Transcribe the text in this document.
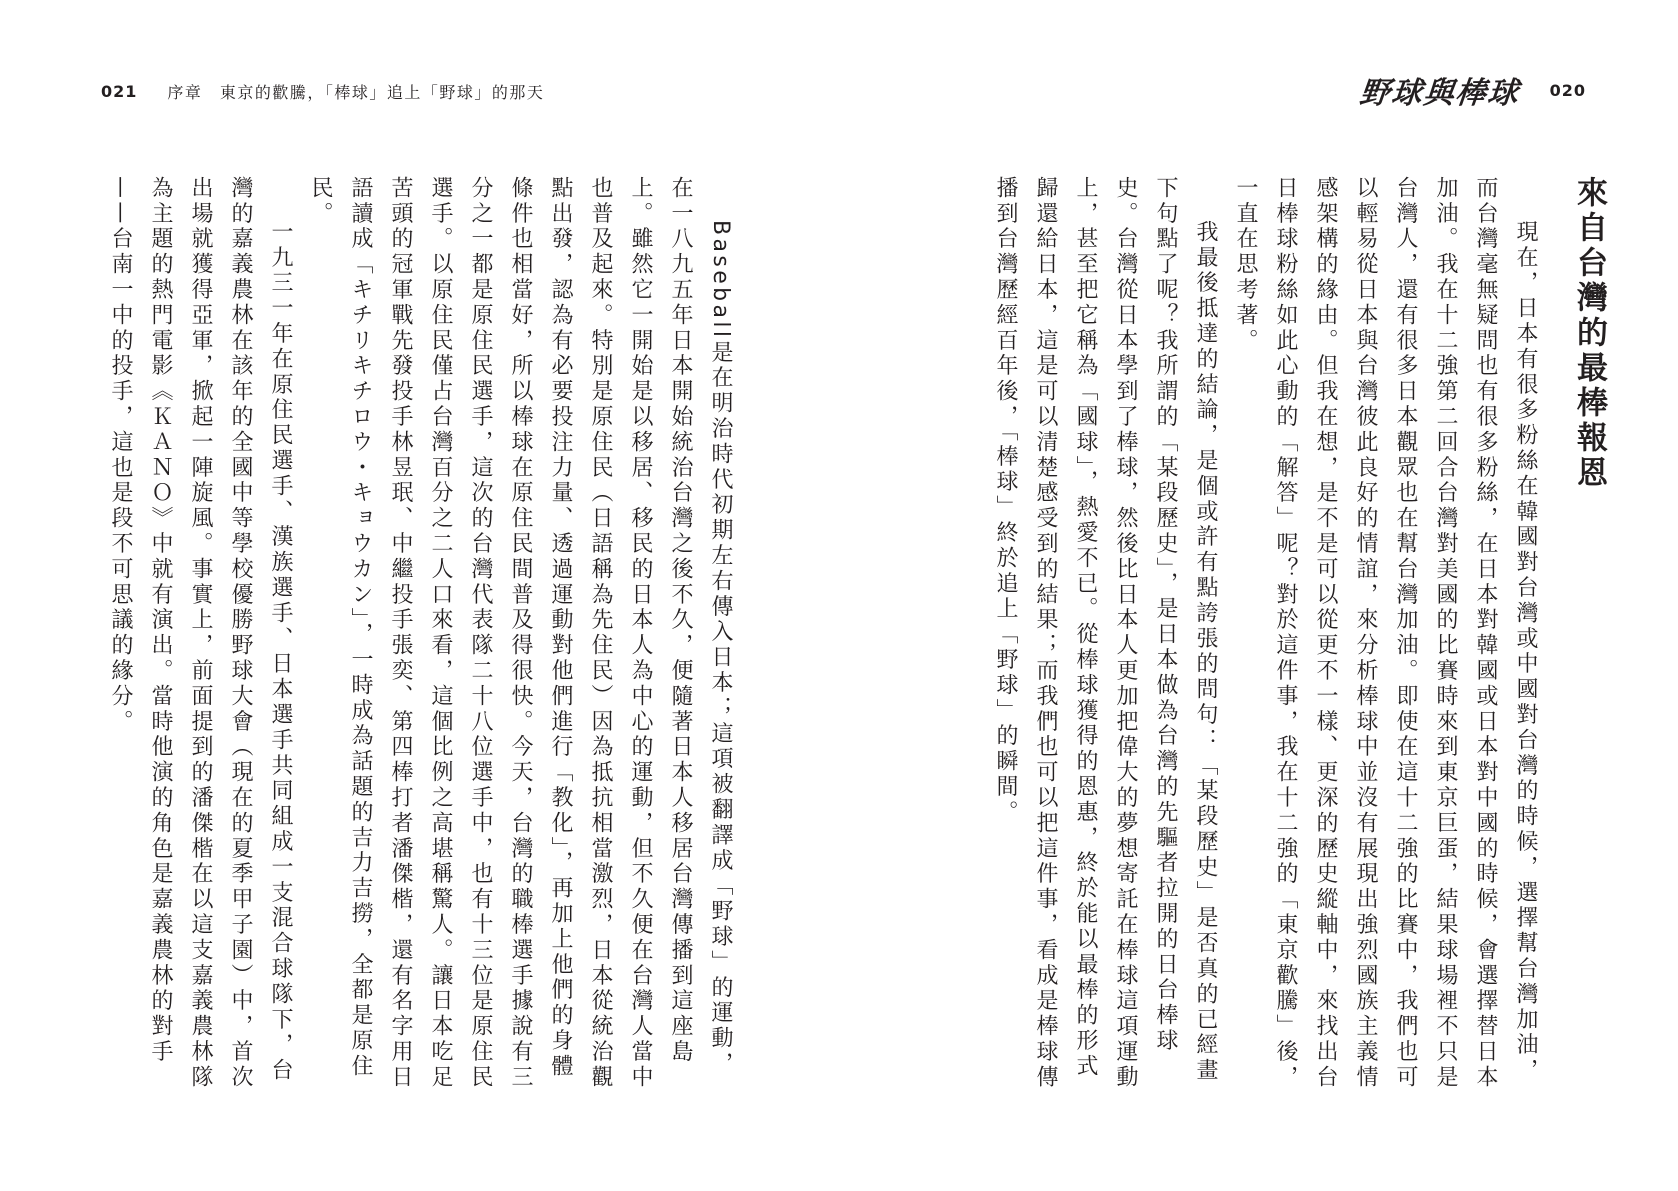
021 序章　東京的歡騰，「棒球」追上「野球」的那天	野球與棒球 020
來自台灣的最棒報恩

現在，日本有很多粉絲在韓國對台灣或中國對台灣的時候，選擇幫台灣加油，而台灣毫無疑問也有很多粉絲，在日本對韓國或日本對中國的時候，會選擇替日本加油。我在十二強第二回合台灣對美國的比賽時來到東京巨蛋，結果球場裡不只是台灣人，還有很多日本觀眾也在幫台灣加油。即使在這十二強的比賽中，我們也可以輕易從日本與台灣彼此良好的情誼，來分析棒球中並沒有展現出強烈國族主義情感架構的緣由。但我在想，是不是可以從更不一樣、更深的歷史縱軸中，來找出台日棒球粉絲如此心動的「解答」呢？對於這件事，我在十二強的「東京歡騰」後，一直在思考著。

我最後抵達的結論，是個或許有點誇張的問句：「某段歷史」是否真的已經畫下句點了呢？我所謂的「某段歷史」，是日本做為台灣的先驅者拉開的日台棒球史。台灣從日本學到了棒球，然後比日本人更加把偉大的夢想寄託在棒球這項運動上，甚至把它稱為「國球」，熱愛不已。從棒球獲得的恩惠，終於能以最棒的形式歸還給日本，這是可以清楚感受到的結果；而我們也可以把這件事，看成是棒球傳播到台灣歷經百年後，「棒球」終於追上「野球」的瞬間。

Baseball是在明治時代初期左右傳入日本；這項被翻譯成「野球」的運動，在一八九五年日本開始統治台灣之後不久，便隨著日本人移居台灣傳播到這座島上。雖然它一開始是以移居、移民的日本人為中心的運動，但不久便在台灣人當中也普及起來。特別是原住民（日語稱為先住民）因為抵抗相當激烈，日本從統治觀點出發，認為有必要投注力量、透過運動對他們進行「教化」，再加上他們的身體條件也相當好，所以棒球在原住民間普及得很快。今天，台灣的職棒選手據說有三分之一都是原住民選手，這次的台灣代表隊二十八位選手中，也有十三位是原住民選手。以原住民僅占台灣百分之二人口來看，這個比例之高堪稱驚人。讓日本吃足苦頭的冠軍戰先發投手林昱珉、中繼投手張奕、第四棒打者潘傑楷，還有名字用日語讀成「キチリキチロウ・キョウカン」，一時成為話題的吉力吉撈，全都是原住民。

一九三一年在原住民選手、漢族選手、日本選手共同組成一支混合球隊下，台灣的嘉義農林在該年的全國中等學校優勝野球大會（現在的夏季甲子園）中，首次出場就獲得亞軍，掀起一陣旋風。事實上，前面提到的潘傑楷在以這支嘉義農林隊為主題的熱門電影《ＫＡＮＯ》中就有演出。當時他演的角色是嘉義農林的對手——台南一中的投手，這也是段不可思議的緣分。
